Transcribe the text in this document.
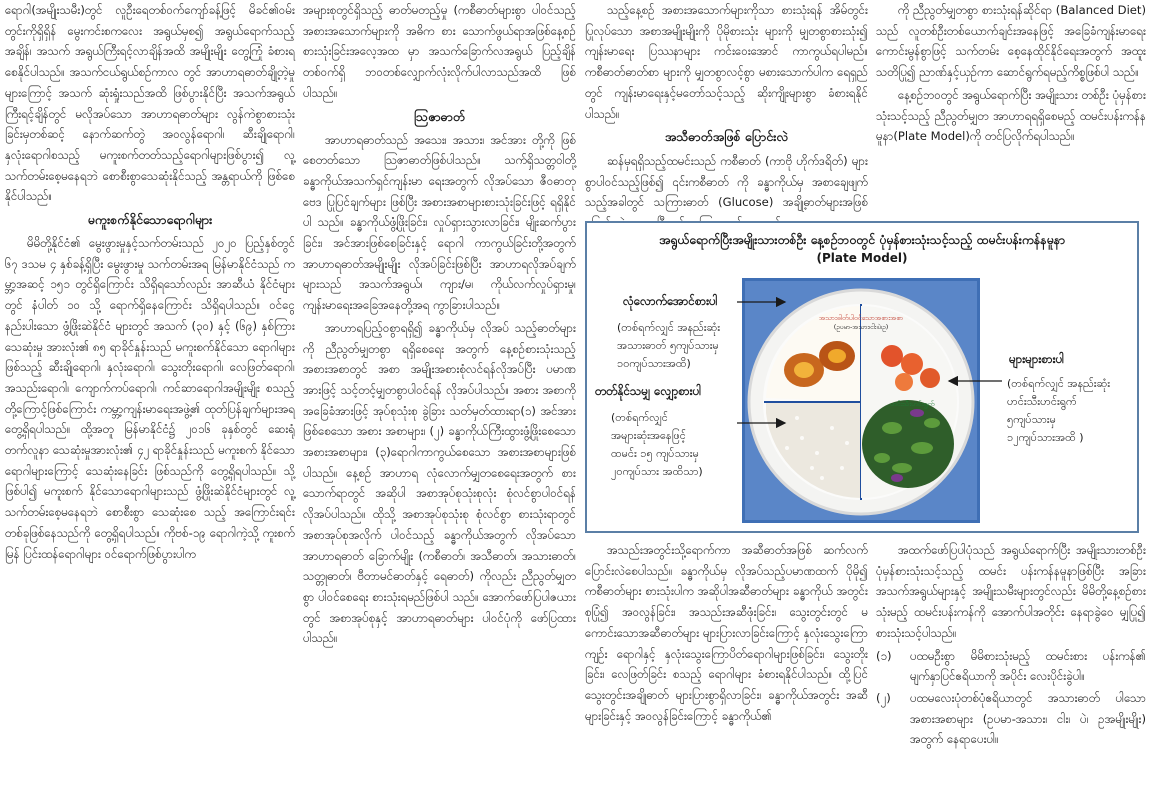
ရောဂါ(အမျိုးသမီး)တွင် လူဦးရေတစ်ဝက်ကျော်ခန့်ဖြင့် မိခင်၏ဝမ်းတွင်းကိုရှိရှိန် မွေးကင်းစကလေး အရွယ်မှစ၍ အရွယ်ရောက်သည့်အချိန်၊ အသက် အရွယ်ကြီးရင့်လာချိန်အထိ အမျိုးမျိုး တွေ့ကြုံ ခံစားရစေနိုင်ပါသည်။ အသက်ငယ်ရွယ်စဉ်ကာလ တွင် အာဟာရဓာတ်ချို့တဲ့မှုများကြောင့် အသက် ဆုံးရှုံးသည်အထိ ဖြစ်ပွားနိုင်ပြီး အသက်အရွယ် ကြီးရင့်ချိန်တွင် မလိုအပ်သော အာဟာရဓာတ်များ လွန်ကဲစွာစားသုံးခြင်းမှတစ်ဆင့် နောက်ဆက်တွဲ အဝလွန်ရောဂါ၊ ဆီးချိုရောဂါ၊ နှလုံးရောဂါစသည့် မကူးစက်တတ်သည့်ရောဂါများဖြစ်ပွား၍ လူ့ သက်တမ်းစေ့မနေရဘဲ စောစီးစွာသေဆုံးနိုင်သည့် အန္တရာယ်ကို ဖြစ်စေနိုင်ပါသည်။

မကူးစက်နိုင်သောရောဂါများ

မိမိတို့နိုင်ငံ၏ မွေးဖွားမှုနှင့်သက်တမ်းသည် ၂၀၂၀ ပြည့်နှစ်တွင် ၆၇ ဒသမ ၄ နှစ်ခန့်ရှိပြီး မွေးဖွားမှု သက်တမ်းအရ မြန်မာနိုင်ငံသည် ကမ္ဘာ့အဆင့် ၁၅၁ တွင်ရှိကြောင်း သိရှိရသော်လည်း အာဆီယံ နိုင်ငံများတွင် နံပါတ် ၁၀ သို့ ရောက်ရှိနေကြောင်း သိရှိရပါသည်။ ဝင်ငွေနည်းပါးသော ဖွံ့ဖြိုးဆဲနိုင်ငံ များတွင် အသက် (၃၀) နှင့် (၆၉) နှစ်ကြား သေဆုံးမှု အားလုံး၏ ၈၅ ရာခိုင်နှုန်းသည် မကူးစက်နိုင်သော ရောဂါများဖြစ်သည့် ဆီးချိုရောဂါ၊ နှလုံးရောဂါ၊ သွေးတိုးရောဂါ၊ လေဖြတ်ရောဂါ၊ အသည်းရောဂါ၊ ကျောက်ကပ်ရောဂါ၊ ကင်ဆာရောဂါအမျိုးမျိုး စသည့် တို့ကြောင့်ဖြစ်ကြောင်း ကမ္ဘာ့ကျန်းမာရေးအဖွဲ့၏ ထုတ်ပြန်ချက်များအရ တွေ့ရှိရပါသည်။ ထို့အတူ မြန်မာနိုင်ငံ၌ ၂၀၁၆ ခုနှစ်တွင် ဆေးရုံတက်လူနာ သေဆုံးမှုအားလုံး၏ ၄၂ ရာခိုင်နှုန်းသည် မကူးစက် နိုင်သောရောဂါများကြောင့် သေဆုံးနေခြင်း ဖြစ်သည်ကို တွေ့ရှိရပါသည်။ သို့ဖြစ်ပါ၍ မကူးစက် နိုင်သောရောဂါများသည် ဖွံ့ဖြိုးဆဲနိုင်ငံများတွင် လူ့သက်တမ်းစေ့မနေရဘဲ စောစီးစွာ သေဆုံးစေ သည့် အကြောင်းရင်းတစ်ခုဖြစ်နေသည်ကို တွေ့ရှိရပါသည်။ ကိုဗစ်-၁၉ ရောဂါကဲ့သို့ ကူးစက် မြန် ပြင်းထန်ရောဂါများ ဝင်ရောက်ဖြစ်ပွားပါက

အများစုတွင်ရှိသည့် ဓာတ်မတည့်မှု (ကစီဓာတ်များစွာ ပါဝင်သည့် အစားအသောက်များကို အဓိက စား သောက်ဖွယ်ရာအဖြစ်နေ့စဉ်စားသုံးခြင်းအလေ့အထ မှာ အသက်ခြောက်လအရွယ် ပြည့်ချိန်တစ်ဝက်ရှိ ဘဝတစ်လျှောက်လုံးလိုက်ပါလာသည်အထိ ဖြစ်ပါသည်။

သြဇာဓာတ်

အာဟာရဓာတ်သည် အသေး၊ အသား၊ အင်အား တို့ကို ဖြစ်စေတတ်သော သြဇာဓာတ်ဖြစ်ပါသည်။ သက်ရှိသတ္တဝါတို့ ခန္ဓာကိုယ်အသက်ရှင်ကျန်းမာ ရေးအတွက် လိုအပ်သော ဇီဝဓာတုဗေဒ ပြုပြင်ချက်များ ဖြစ်ပြီး အစားအစာများစားသုံးခြင်းဖြင့် ရရှိနိုင်ပါ သည်။ ခန္ဓာကိုယ်ဖွံ့ဖြိုးခြင်း၊ လှုပ်ရှားသွားလာခြင်း၊ မျိုးဆက်ပွားခြင်း၊ အင်အားဖြစ်စေခြင်းနှင့် ရောဂါ ကာကွယ်ခြင်းတို့အတွက် အာဟာရဓာတ်အမျိုးမျိုး လိုအပ်ခြင်းဖြစ်ပြီး အာဟာရလိုအပ်ချက်များသည် အသက်အရွယ်၊ ကျား/မ၊ ကိုယ်လက်လှုပ်ရှားမှု၊ ကျန်းမာရေးအခြေအနေတို့အရ ကွာခြားပါသည်။

အာဟာရပြည့်ဝစွာရရှိ၍ ခန္ဓာကိုယ်မှ လိုအပ် သည့်ဓာတ်များကို ညီညွတ်မျှတစွာ ရရှိစေရေး အတွက် နေ့စဉ်စားသုံးသည့်အစားအစာတွင် အစာ အမျိုးအစားစုံလင်ရန်လိုအပ်ပြီး ပမာဏအားဖြင့် သင့်တင့်မျှတစွာပါဝင်ရန် လိုအပ်ပါသည်။ အစား အစာကို အခြေခံအားဖြင့် အုပ်စုသုံးစု ခွဲခြား သတ်မှတ်ထားရာ(၁) အင်အားဖြစ်စေသော အစား အစာများ၊ (၂) ခန္ဓာကိုယ်ကြီးထွားဖွံ့ဖြိုးစေသော အစားအစာများ၊ (၃)ရောဂါကာကွယ်စေသော အစားအစာများဖြစ်ပါသည်။ နေ့စဉ် အာဟာရ လုံလောက်မျှတစေရေးအတွက် စားသောက်ရာတွင် အဆိုပါ အစာအုပ်စုသုံးစုလုံး စုံလင်စွာပါဝင်ရန် လိုအပ်ပါသည်။ ထိုသို့ အစာအုပ်စုသုံးစု စုံလင်စွာ စားသုံးရာတွင် အစာအုပ်စုအလိုက် ပါဝင်သည့် ခန္ဓာကိုယ်အတွက် လိုအပ်သော အာဟာရဓာတ် ခြောက်မျိုး (ကစီဓာတ်၊ အသီဓာတ်၊ အသားဓာတ်၊ သတ္တုဓာတ်၊ ဗီတာမင်ဓာတ်နှင့် ရေဓာတ်) ကိုလည်း ညီညွတ်မျှတစွာ ပါဝင်စေရေး စားသုံးရမည်ဖြစ်ပါ သည်။ အောက်ဖော်ပြပါဇယားတွင် အစာအုပ်စုနှင့် အာဟာရဓာတ်များ ပါဝင်ပုံကို ဖော်ပြထားပါသည်။

သည့်နေ့စဉ် အစားအသောက်များကိုသာ စားသုံးရန် အိမ်တွင်းပြုလုပ်သော အစာအမျိုးမျိုးကို ပိုမိုစားသုံး များကို မျှတစွာစားသုံး၍ ကျန်းမာရေး ပြဿနာများ ကင်းဝေးအောင် ကာကွယ်ရပါမည်။ ကစီဓာတ်ဓာတ်စာ များကို မျှတစွာလင့်စွာ မစားသောက်ပါက ရေရှည် တွင် ကျန်းမာရေးနှင့်မတော်သင့်သည့် ဆိုးကျိုးများစွာ ခံစားရနိုင်ပါသည်။

အသီဓာတ်အဖြစ် ပြောင်းလဲ

ဆန်မှရရှိသည့်ထမင်းသည် ကစီဓာတ် (ကာဗို ဟိုက်ဒရိတ်) များစွာပါဝင်သည့်ဖြစ်၍ ၎င်းကစီဓာတ် ကို ခန္ဓာကိုယ်မှ အစာချေဖျက်သည့်အခါတွင် သကြားဓာတ် (Glucose) အချို့ဓာတ်များအဖြစ်

ကို ညီညွတ်မျှတစွာ စားသုံးရန်ဆိုင်ရာ (Balanced Diet) သည် လူတစ်ဦးတစ်ယောက်ချင်းအနေဖြင့် အခြေခံကျန်းမာရေးကောင်းမွန်စွာဖြင့် သက်တမ်း စေ့နေထိုင်နိုင်ရေးအတွက် အထူးသတိပြု၍ ညာဏ်နှင့်ယှဉ်ကာ ဆောင်ရွက်ရမည့်ကိစ္စဖြစ်ပါ သည်။

နေ့စဉ်ဘဝတွင် အရွယ်ရောက်ပြီး အမျိုးသား တစ်ဦး ပုံမှန်စားသုံးသင့်သည့် ညီညွတ်မျှတ အာဟာရရရှိစေမည့် ထမင်းပန်းကန်နမူနာ(Plate Model)ကို တင်ပြလိုက်ရပါသည်။

အရွယ်ရောက်ပြီးအမျိုးသားတစ်ဦး နေ့စဉ်ဘဝတွင် ပုံမှန်စားသုံးသင့်သည့် ထမင်းပန်းကန်နမူနာ
(Plate Model)
အသားဓါတ်ပါဝင်သောအစားအစာ
(ဥပမာ-အသား၊ငါး၊ပဲ၊ဥ)
ဟင်းသီးဟင်းရွက်
လုံလောက်အောင်စားပါ
(တစ်ရက်လျှင် အနည်းဆုံး
အသားဓာတ် ၅ကျပ်သားမှ
၁၀ကျပ်သားအထိ)
တတ်နိုင်သမျှ လျှော့စားပါ
(တစ်ရက်လျှင်
အများဆုံးအနေဖြင့်
ထမင်း ၁၅ ကျပ်သားမှ
၂၀ကျပ်သား အထိသာ)
များများစားပါ
(တစ်ရက်လျှင် အနည်းဆုံး
ဟင်းသီးဟင်းရွက်
၅ကျပ်သားမှ
၁၂ကျပ်သားအထိ )

အသည်းအတွင်းသို့ရောက်ကာ အဆီဓာတ်အဖြစ် ဆက်လက်ပြောင်းလဲစေပါသည်။ ခန္ဓာကိုယ်မှ လိုအပ်သည့်ပမာဏထက် ပိုမို၍ ကစီဓာတ်များ စားသုံးပါက အဆိုပါအဆီဓာတ်များ ခန္ဓာကိုယ် အတွင်းစုပြုံ၍ အဝလွန်ခြင်း၊ အသည်းအဆီဖုံးခြင်း၊ သွေးတွင်းတွင် မကောင်းသောအဆီဓာတ်များ များပြားလာခြင်းကြောင့် နှလုံးသွေးကြောကျဉ်း ရောဂါနှင့် နှလုံးသွေးကြောပိတ်ရောဂါများဖြစ်ခြင်း၊ သွေးတိုးခြင်း၊ လေဖြတ်ခြင်း စသည့် ရောဂါများ ခံစားရနိုင်ပါသည်။ ထို့ပြင် သွေးတွင်းအချိုဓာတ် များပြားစွာရှိလာခြင်း၊ ခန္ဓာကိုယ်အတွင်း အဆီ များခြင်းနှင့် အဝလွန်ခြင်းကြောင့် ခန္ဓာကိုယ်၏

အထက်ဖော်ပြပါပုံသည် အရွယ်ရောက်ပြီး အမျိုးသားတစ်ဦး ပုံမှန်စားသုံးသင့်သည့် ထမင်း ပန်းကန်နမူနာဖြစ်ပြီး အခြားအသက်အရွယ်များနှင့် အမျိုးသမီးများတွင်လည်း မိမိတို့နေ့စဉ်စားသုံးမည့် ထမင်းပန်းကန်ကို အောက်ပါအတိုင်း နေရာခွဲဝေ မျှပြု၍ စားသုံးသင့်ပါသည်။

(၁)	ပထမဦးစွာ မိမိစားသုံးမည့် ထမင်းစား ပန်းကန်၏ မျက်နှာပြင်ဧရိယာကို အပိုင်း လေးပိုင်းခွဲပါ။
(၂)	ပထမလေးပုံတစ်ပုံဧရိယာတွင် အသားဓာတ် ပါသောအစားအစာများ (ဥပမာ-အသား၊ ငါး၊ ပဲ၊ ဥအမျိုးမျိုး) အတွက် နေရာပေးပါ။
